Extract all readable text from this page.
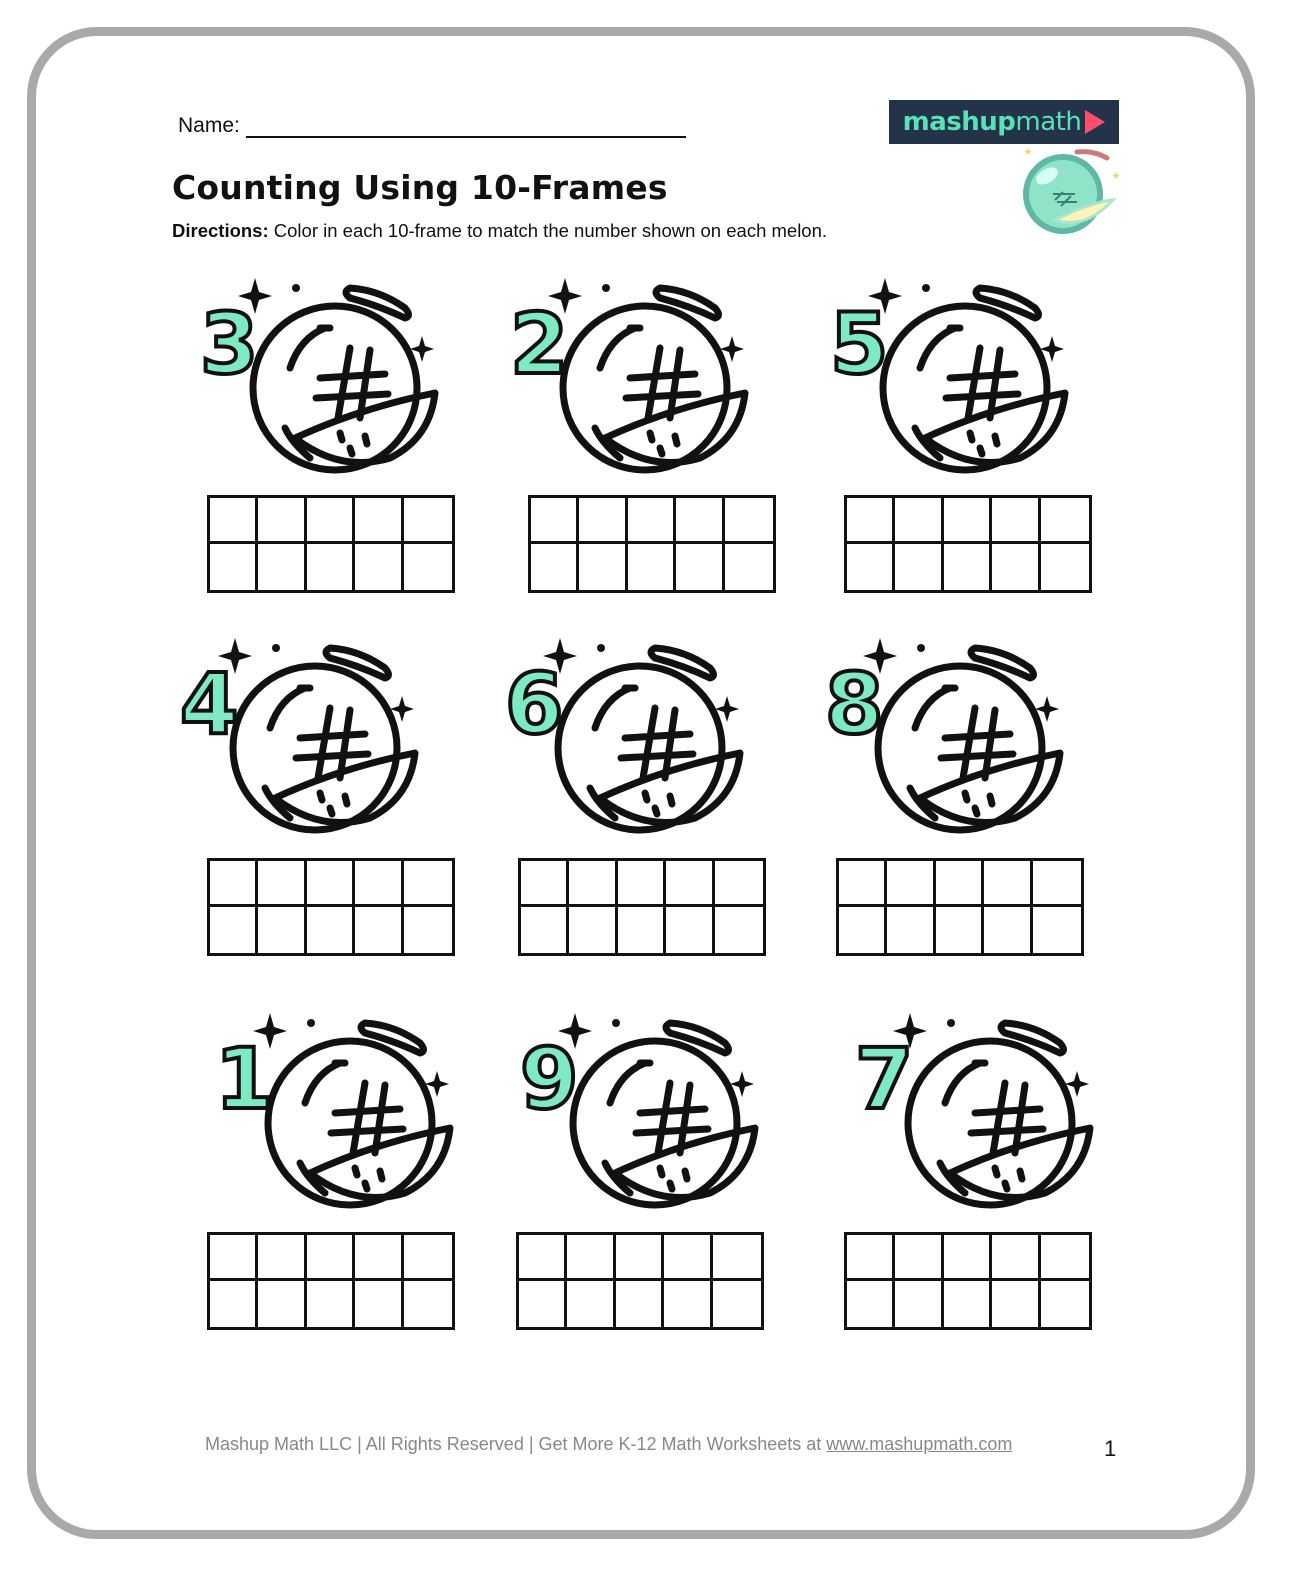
Name:
Counting Using 10-Frames
Directions: Color in each 10-frame to match the number shown on each melon.
mashupmath
✦
✦
3	2	5
4	6	8
1	9	7
Mashup Math LLC | All Rights Reserved | Get More K-12 Math Worksheets at www.mashupmath.com	1
